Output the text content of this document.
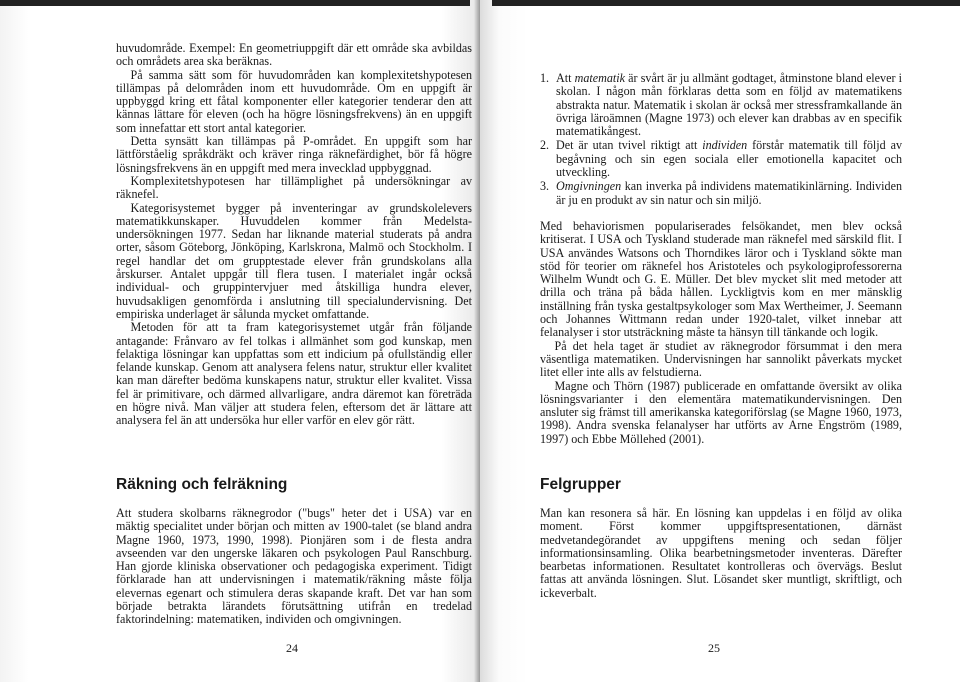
huvudområde. Exempel: En geometriuppgift där ett område ska avbildas och områdets area ska beräknas.

På samma sätt som för huvudområden kan komplexitetshypotesen tillämpas på delområden inom ett huvudområde. Om en uppgift är uppbyggd kring ett fåtal komponenter eller kategorier tenderar den att kännas lättare för eleven (och ha högre lösningsfrekvens) än en uppgift som innefattar ett stort antal kategorier.

Detta synsätt kan tillämpas på P-området. En uppgift som har lättförståelig språkdräkt och kräver ringa räknefärdighet, bör få högre lösningsfrekvens än en uppgift med mera invecklad uppbyggnad.

Komplexitetshypotesen har tillämplighet på undersökningar av räknefel.

Kategorisystemet bygger på inventeringar av grundskolelevers matematikkunskaper. Huvuddelen kommer från Medelsta-undersökningen 1977. Sedan har liknande material studerats på andra orter, såsom Göteborg, Jönköping, Karlskrona, Malmö och Stockholm. I regel handlar det om grupptestade elever från grundskolans alla årskurser. Antalet uppgår till flera tusen. I materialet ingår också individual- och gruppintervjuer med åtskilliga hundra elever, huvudsakligen genomförda i anslutning till specialundervisning. Det empiriska underlaget är sålunda mycket omfattande.

Metoden för att ta fram kategorisystemet utgår från följande antagande: Frånvaro av fel tolkas i allmänhet som god kunskap, men felaktiga lösningar kan uppfattas som ett indicium på ofullständig eller felande kunskap. Genom att analysera felens natur, struktur eller kvalitet kan man därefter bedöma kunskapens natur, struktur eller kvalitet. Vissa fel är primitivare, och därmed allvarligare, andra däremot kan företräda en högre nivå. Man väljer att studera felen, eftersom det är lättare att analysera fel än att undersöka hur eller varför en elev gör rätt.

Räkning och felräkning

Att studera skolbarns räknegrodor ("bugs" heter det i USA) var en mäktig specialitet under början och mitten av 1900-talet (se bland andra Magne 1960, 1973, 1990, 1998). Pionjären som i de flesta andra avseenden var den ungerske läkaren och psykologen Paul Ranschburg. Han gjorde kliniska observationer och pedagogiska experiment. Tidigt förklarade han att undervisningen i matematik/räkning måste följa elevernas egenart och stimulera deras skapande kraft. Det var han som började betrakta lärandets förutsättning utifrån en tredelad faktorindelning: matematiken, individen och omgivningen.

24
1. Att matematik är svårt är ju allmänt godtaget, åtminstone bland elever i skolan. I någon mån förklaras detta som en följd av matematikens abstrakta natur. Matematik i skolan är också mer stressframkallande än övriga läroämnen (Magne 1973) och elever kan drabbas av en specifik matematikångest.
2. Det är utan tvivel riktigt att individen förstår matematik till följd av begåvning och sin egen sociala eller emotionella kapacitet och utveckling.
3. Omgivningen kan inverka på individens matematikinlärning. Individen är ju en produkt av sin natur och sin miljö.

Med behaviorismen populariserades felsökandet, men blev också kritiserat. I USA och Tyskland studerade man räknefel med särskild flit. I USA användes Watsons och Thorndikes läror och i Tyskland sökte man stöd för teorier om räknefel hos Aristoteles och psykologiprofessorerna Wilhelm Wundt och G. E. Müller. Det blev mycket slit med metoder att drilla och träna på båda hållen. Lyckligtvis kom en mer mänsklig inställning från tyska gestaltpsykologer som Max Wertheimer, J. Seemann och Johannes Wittmann redan under 1920-talet, vilket innebar att felanalyser i stor utsträckning måste ta hänsyn till tänkande och logik.

På det hela taget är studiet av räknegrodor försummat i den mera väsentliga matematiken. Undervisningen har sannolikt påverkats mycket litet eller inte alls av felstudierna.

Magne och Thörn (1987) publicerade en omfattande översikt av olika lösningsvarianter i den elementära matematikundervisningen. Den ansluter sig främst till amerikanska kategoriförslag (se Magne 1960, 1973, 1998). Andra svenska felanalyser har utförts av Arne Engström (1989, 1997) och Ebbe Möllehed (2001).

Felgrupper

Man kan resonera så här. En lösning kan uppdelas i en följd av olika moment. Först kommer uppgiftspresentationen, därnäst medvetandegörandet av uppgiftens mening och sedan följer informationsinsamling. Olika bearbetningsmetoder inventeras. Därefter bearbetas informationen. Resultatet kontrolleras och övervägs. Beslut fattas att använda lösningen. Slut. Lösandet sker muntligt, skriftligt, och ickeverbalt.

25
